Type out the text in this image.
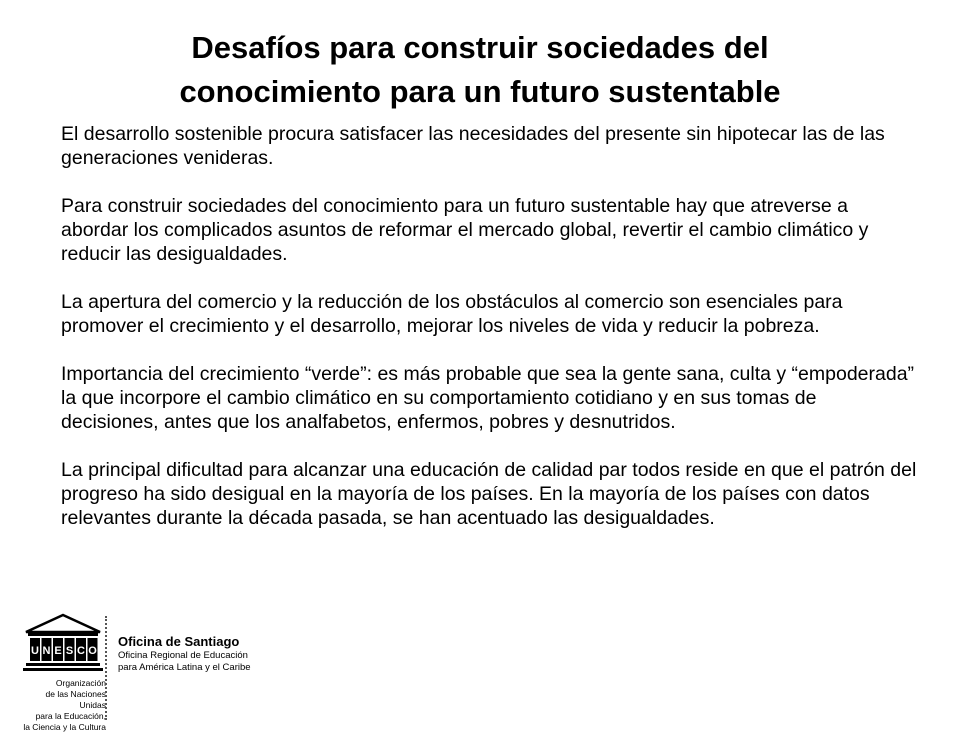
Desafíos para construir sociedades del
conocimiento para un futuro sustentable

El desarrollo sostenible procura satisfacer las necesidades del presente sin hipotecar las de las generaciones venideras.

Para construir sociedades del conocimiento para un futuro sustentable hay que atreverse a abordar los complicados asuntos de reformar el mercado global, revertir el cambio climático y reducir las desigualdades.

La apertura del comercio y la reducción de los obstáculos al comercio son esenciales para promover el crecimiento y el desarrollo, mejorar los niveles de vida y reducir la pobreza.

Importancia del crecimiento “verde”: es más probable que sea la gente sana, culta y “empoderada” la que incorpore el cambio climático en su comportamiento cotidiano y en sus tomas de decisiones, antes que los analfabetos, enfermos, pobres y desnutridos.

La principal dificultad para alcanzar una educación de calidad par todos reside en que el patrón del progreso ha sido desigual en la mayoría de los países. En la mayoría de los países con datos relevantes durante la década pasada, se han acentuado las desigualdades.

U N E S C O
Organización
de las Naciones Unidas
para la Educación,
la Ciencia y la Cultura

Oficina de Santiago

Oficina Regional de Educación

para América Latina y el Caribe
